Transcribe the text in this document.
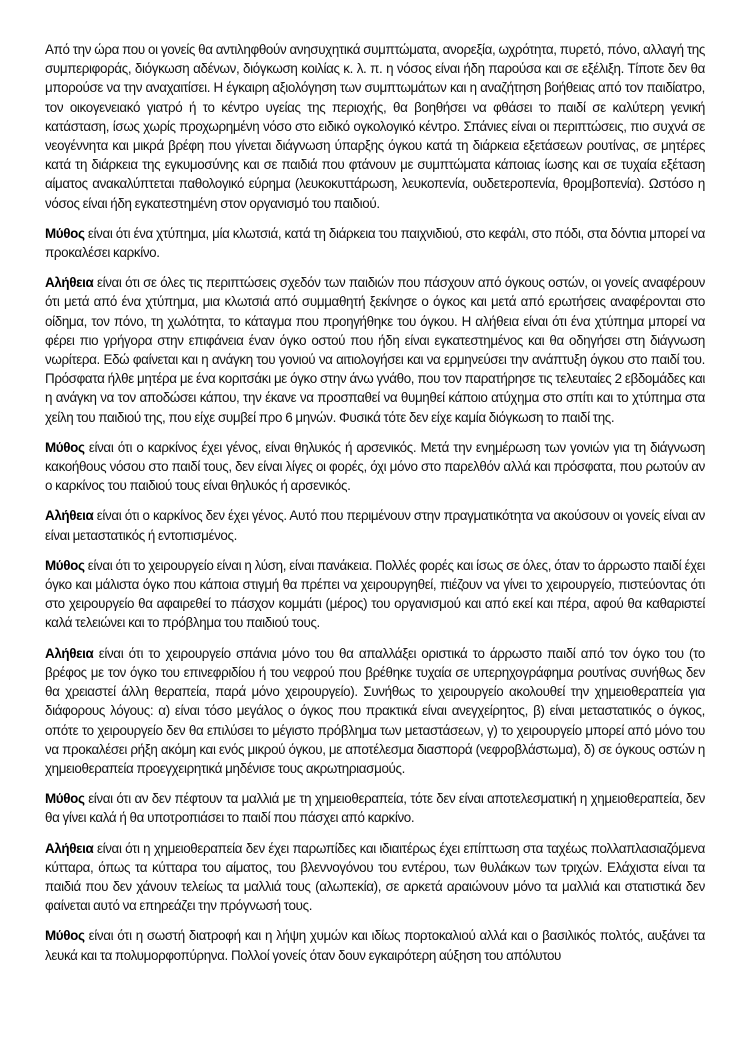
Από την ώρα που οι γονείς θα αντιληφθούν ανησυχητικά συμπτώματα, ανορεξία, ωχρότητα, πυρετό, πόνο, αλλαγή της συμπεριφοράς, διόγκωση αδένων, διόγκωση κοιλίας κ. λ. π. η νόσος είναι ήδη παρούσα και σε εξέλιξη. Τίποτε δεν θα μπορούσε να την αναχαιτίσει. Η έγκαιρη αξιολόγηση των συμπτωμάτων και η αναζήτηση βοήθειας από τον παιδίατρο, τον οικογενειακό γιατρό ή το κέντρο υγείας της περιοχής, θα βοηθήσει να φθάσει το παιδί σε καλύτερη γενική κατάσταση, ίσως χωρίς προχωρημένη νόσο στο ειδικό ογκολογικό κέντρο. Σπάνιες είναι οι περιπτώσεις, πιο συχνά σε νεογέννητα και μικρά βρέφη που γίνεται διάγνωση ύπαρξης όγκου κατά τη διάρκεια εξετάσεων ρουτίνας, σε μητέρες κατά τη διάρκεια της εγκυμοσύνης και σε παιδιά που φτάνουν με συμπτώματα κάποιας ίωσης και σε τυχαία εξέταση αίματος ανακαλύπτεται παθολογικό εύρημα (λευκοκυττάρωση, λευκοπενία, ουδετεροπενία, θρομβοπενία). Ωστόσο η νόσος είναι ήδη εγκατεστημένη στον οργανισμό του παιδιού.

Μύθος είναι ότι ένα χτύπημα, μία κλωτσιά, κατά τη διάρκεια του παιχνιδιού, στο κεφάλι, στο πόδι, στα δόντια μπορεί να προκαλέσει καρκίνο.

Αλήθεια είναι ότι σε όλες τις περιπτώσεις σχεδόν των παιδιών που πάσχουν από όγκους οστών, οι γονείς αναφέρουν ότι μετά από ένα χτύπημα, μια κλωτσιά από συμμαθητή ξεκίνησε ο όγκος και μετά από ερωτήσεις αναφέρονται στο οίδημα, τον πόνο, τη χωλότητα, το κάταγμα που προηγήθηκε του όγκου. Η αλήθεια είναι ότι ένα χτύπημα μπορεί να φέρει πιο γρήγορα στην επιφάνεια έναν όγκο οστού που ήδη είναι εγκατεστημένος και θα οδηγήσει στη διάγνωση νωρίτερα. Εδώ φαίνεται και η ανάγκη του γονιού να αιτιολογήσει και να ερμηνεύσει την ανάπτυξη όγκου στο παιδί του. Πρόσφατα ήλθε μητέρα με ένα κοριτσάκι με όγκο στην άνω γνάθο, που τον παρατήρησε τις τελευταίες 2 εβδομάδες και η ανάγκη να τον αποδώσει κάπου, την έκανε να προσπαθεί να θυμηθεί κάποιο ατύχημα στο σπίτι και το χτύπημα στα χείλη του παιδιού της, που είχε συμβεί προ 6 μηνών. Φυσικά τότε δεν είχε καμία διόγκωση το παιδί της.

Μύθος είναι ότι ο καρκίνος έχει γένος, είναι θηλυκός ή αρσενικός. Μετά την ενημέρωση των γονιών για τη διάγνωση κακοήθους νόσου στο παιδί τους, δεν είναι λίγες οι φορές, όχι μόνο στο παρελθόν αλλά και πρόσφατα, που ρωτούν αν ο καρκίνος του παιδιού τους είναι θηλυκός ή αρσενικός.

Αλήθεια είναι ότι ο καρκίνος δεν έχει γένος. Αυτό που περιμένουν στην πραγματικότητα να ακούσουν οι γονείς είναι αν είναι μεταστατικός ή εντοπισμένος.

Μύθος είναι ότι το χειρουργείο είναι η λύση, είναι πανάκεια. Πολλές φορές και ίσως σε όλες, όταν το άρρωστο παιδί έχει όγκο και μάλιστα όγκο που κάποια στιγμή θα πρέπει να χειρουργηθεί, πιέζουν να γίνει το χειρουργείο, πιστεύοντας ότι στο χειρουργείο θα αφαιρεθεί το πάσχον κομμάτι (μέρος) του οργανισμού και από εκεί και πέρα, αφού θα καθαριστεί καλά τελειώνει και το πρόβλημα του παιδιού τους.

Αλήθεια είναι ότι το χειρουργείο σπάνια μόνο του θα απαλλάξει οριστικά το άρρωστο παιδί από τον όγκο του (το βρέφος με τον όγκο του επινεφριδίου ή του νεφρού που βρέθηκε τυχαία σε υπερηχογράφημα ρουτίνας συνήθως δεν θα χρειαστεί άλλη θεραπεία, παρά μόνο χειρουργείο). Συνήθως το χειρουργείο ακολουθεί την χημειοθεραπεία για διάφορους λόγους: α) είναι τόσο μεγάλος ο όγκος που πρακτικά είναι ανεγχείρητος, β) είναι μεταστατικός ο όγκος, οπότε το χειρουργείο δεν θα επιλύσει το μέγιστο πρόβλημα των μεταστάσεων, γ) το χειρουργείο μπορεί από μόνο του να προκαλέσει ρήξη ακόμη και ενός μικρού όγκου, με αποτέλεσμα διασπορά (νεφροβλάστωμα), δ) σε όγκους οστών η χημειοθεραπεία προεγχειρητικά μηδένισε τους ακρωτηριασμούς.

Μύθος είναι ότι αν δεν πέφτουν τα μαλλιά με τη χημειοθεραπεία, τότε δεν είναι αποτελεσματική η χημειοθεραπεία, δεν θα γίνει καλά ή θα υποτροπιάσει το παιδί που πάσχει από καρκίνο.

Αλήθεια είναι ότι η χημειοθεραπεία δεν έχει παρωπίδες και ιδιαιτέρως έχει επίπτωση στα ταχέως πολλαπλασιαζόμενα κύτταρα, όπως τα κύτταρα του αίματος, του βλεννογόνου του εντέρου, των θυλάκων των τριχών. Ελάχιστα είναι τα παιδιά που δεν χάνουν τελείως τα μαλλιά τους (αλωπεκία), σε αρκετά αραιώνουν μόνο τα μαλλιά και στατιστικά δεν φαίνεται αυτό να επηρεάζει την πρόγνωσή τους.

Μύθος είναι ότι η σωστή διατροφή και η λήψη χυμών και ιδίως πορτοκαλιού αλλά και ο βασιλικός πολτός, αυξάνει τα λευκά και τα πολυμορφοπύρηνα. Πολλοί γονείς όταν δουν εγκαιρότερη αύξηση του απόλυτου
